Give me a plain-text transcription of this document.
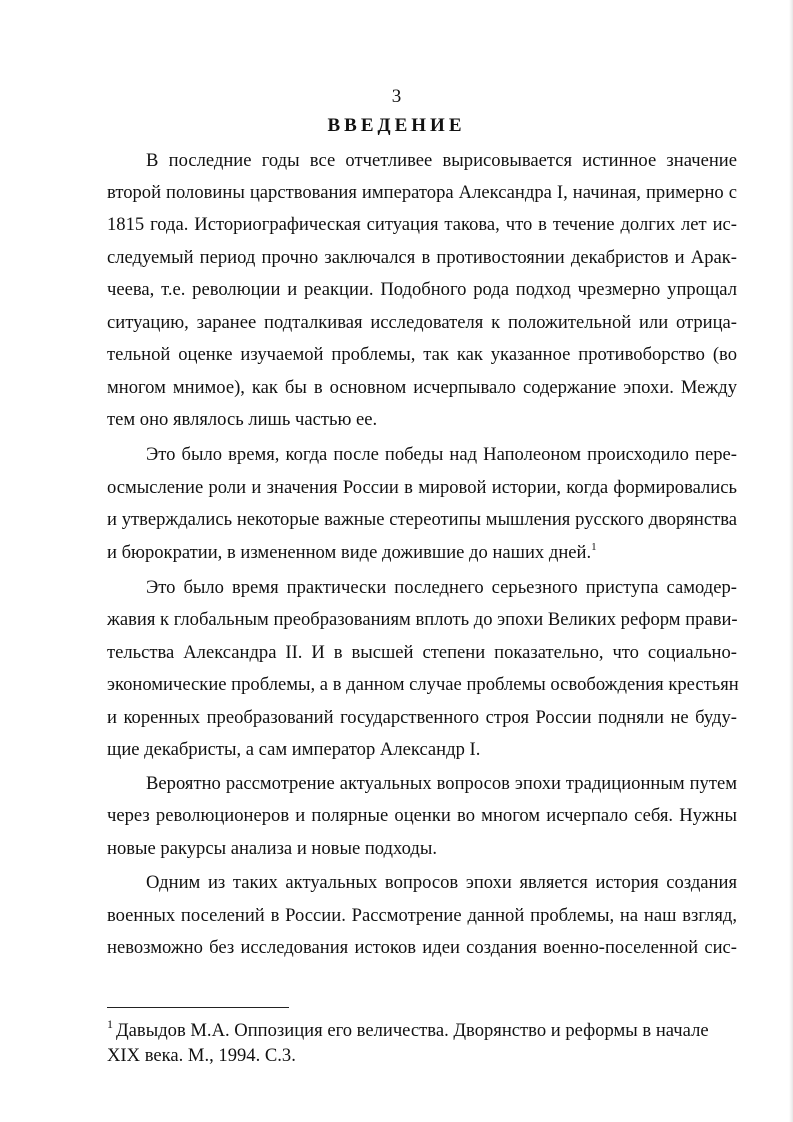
3
ВВЕДЕНИЕ
В последние годы все отчетливее вырисовывается истинное значение
второй половины царствования императора Александра I, начиная, примерно с
1815 года. Историографическая ситуация такова, что в течение долгих лет ис-
следуемый период прочно заключался в противостоянии декабристов и Арак-
чеева, т.е. революции и реакции. Подобного рода подход чрезмерно упрощал
ситуацию, заранее подталкивая исследователя к положительной или отрица-
тельной оценке изучаемой проблемы, так как указанное противоборство (во
многом мнимое), как бы в основном исчерпывало содержание эпохи. Между
тем оно являлось лишь частью ее.
Это было время, когда после победы над Наполеоном происходило пере-
осмысление роли и значения России в мировой истории, когда формировались
и утверждались некоторые важные стереотипы мышления русского дворянства
и бюрократии, в измененном виде дожившие до наших дней.$^1$
Это было время практически последнего серьезного приступа самодер-
жавия к глобальным преобразованиям вплоть до эпохи Великих реформ прави-
тельства Александра II. И в высшей степени показательно, что социально-
экономические проблемы, а в данном случае проблемы освобождения крестьян
и коренных преобразований государственного строя России подняли не буду-
щие декабристы, а сам император Александр I.
Вероятно рассмотрение актуальных вопросов эпохи традиционным путем
через революционеров и полярные оценки во многом исчерпало себя. Нужны
новые ракурсы анализа и новые подходы.
Одним из таких актуальных вопросов эпохи является история создания
военных поселений в России. Рассмотрение данной проблемы, на наш взгляд,
невозможно без исследования истоков идеи создания военно-поселенной сис-
$^1$ Давыдов М.А. Оппозиция его величества. Дворянство и реформы в начале
XIX века. М., 1994. С.3.
